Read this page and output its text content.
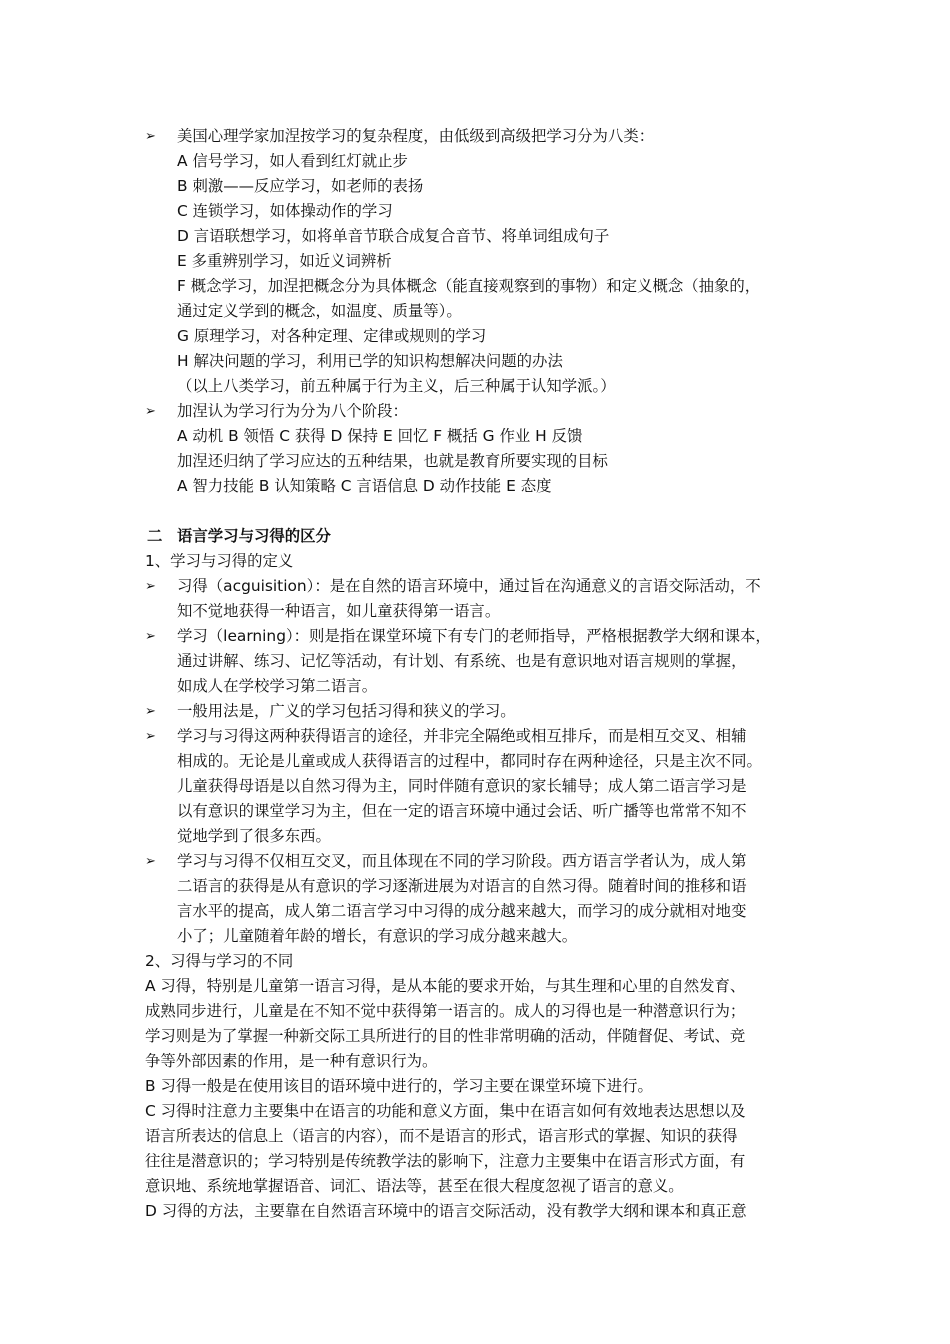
➢	美国心理学家加涅按学习的复杂程度，由低级到高级把学习分为八类：
A 信号学习，如人看到红灯就止步
B 刺激——反应学习，如老师的表扬
C 连锁学习，如体操动作的学习
D 言语联想学习，如将单音节联合成复合音节、将单词组成句子
E 多重辨别学习，如近义词辨析
F 概念学习，加涅把概念分为具体概念（能直接观察到的事物）和定义概念（抽象的，
通过定义学到的概念，如温度、质量等）。
G 原理学习，对各种定理、定律或规则的学习
H 解决问题的学习，利用已学的知识构想解决问题的办法
（以上八类学习，前五种属于行为主义，后三种属于认知学派。）
➢	加涅认为学习行为分为八个阶段：
A 动机 B 领悟 C 获得 D 保持 E 回忆 F 概括 G 作业 H 反馈
加涅还归纳了学习应达的五种结果，也就是教育所要实现的目标
A 智力技能 B 认知策略 C 言语信息 D 动作技能 E 态度
二 语言学习与习得的区分
1、学习与习得的定义
➢	习得（acguisition）：是在自然的语言环境中，通过旨在沟通意义的言语交际活动，不
知不觉地获得一种语言，如儿童获得第一语言。
➢	学习（learning）：则是指在课堂环境下有专门的老师指导，严格根据教学大纲和课本，
通过讲解、练习、记忆等活动，有计划、有系统、也是有意识地对语言规则的掌握，
如成人在学校学习第二语言。
➢	一般用法是，广义的学习包括习得和狭义的学习。
➢	学习与习得这两种获得语言的途径，并非完全隔绝或相互排斥，而是相互交叉、相辅
相成的。无论是儿童或成人获得语言的过程中，都同时存在两种途径，只是主次不同。
儿童获得母语是以自然习得为主，同时伴随有意识的家长辅导；成人第二语言学习是
以有意识的课堂学习为主，但在一定的语言环境中通过会话、听广播等也常常不知不
觉地学到了很多东西。
➢	学习与习得不仅相互交叉，而且体现在不同的学习阶段。西方语言学者认为，成人第
二语言的获得是从有意识的学习逐渐进展为对语言的自然习得。随着时间的推移和语
言水平的提高，成人第二语言学习中习得的成分越来越大，而学习的成分就相对地变
小了；儿童随着年龄的增长，有意识的学习成分越来越大。
2、习得与学习的不同
A 习得，特别是儿童第一语言习得，是从本能的要求开始，与其生理和心里的自然发育、
成熟同步进行，儿童是在不知不觉中获得第一语言的。成人的习得也是一种潜意识行为；
学习则是为了掌握一种新交际工具所进行的目的性非常明确的活动，伴随督促、考试、竞
争等外部因素的作用，是一种有意识行为。
B 习得一般是在使用该目的语环境中进行的，学习主要在课堂环境下进行。
C 习得时注意力主要集中在语言的功能和意义方面，集中在语言如何有效地表达思想以及
语言所表达的信息上（语言的内容），而不是语言的形式，语言形式的掌握、知识的获得
往往是潜意识的；学习特别是传统教学法的影响下，注意力主要集中在语言形式方面，有
意识地、系统地掌握语音、词汇、语法等，甚至在很大程度忽视了语言的意义。
D 习得的方法，主要靠在自然语言环境中的语言交际活动，没有教学大纲和课本和真正意
